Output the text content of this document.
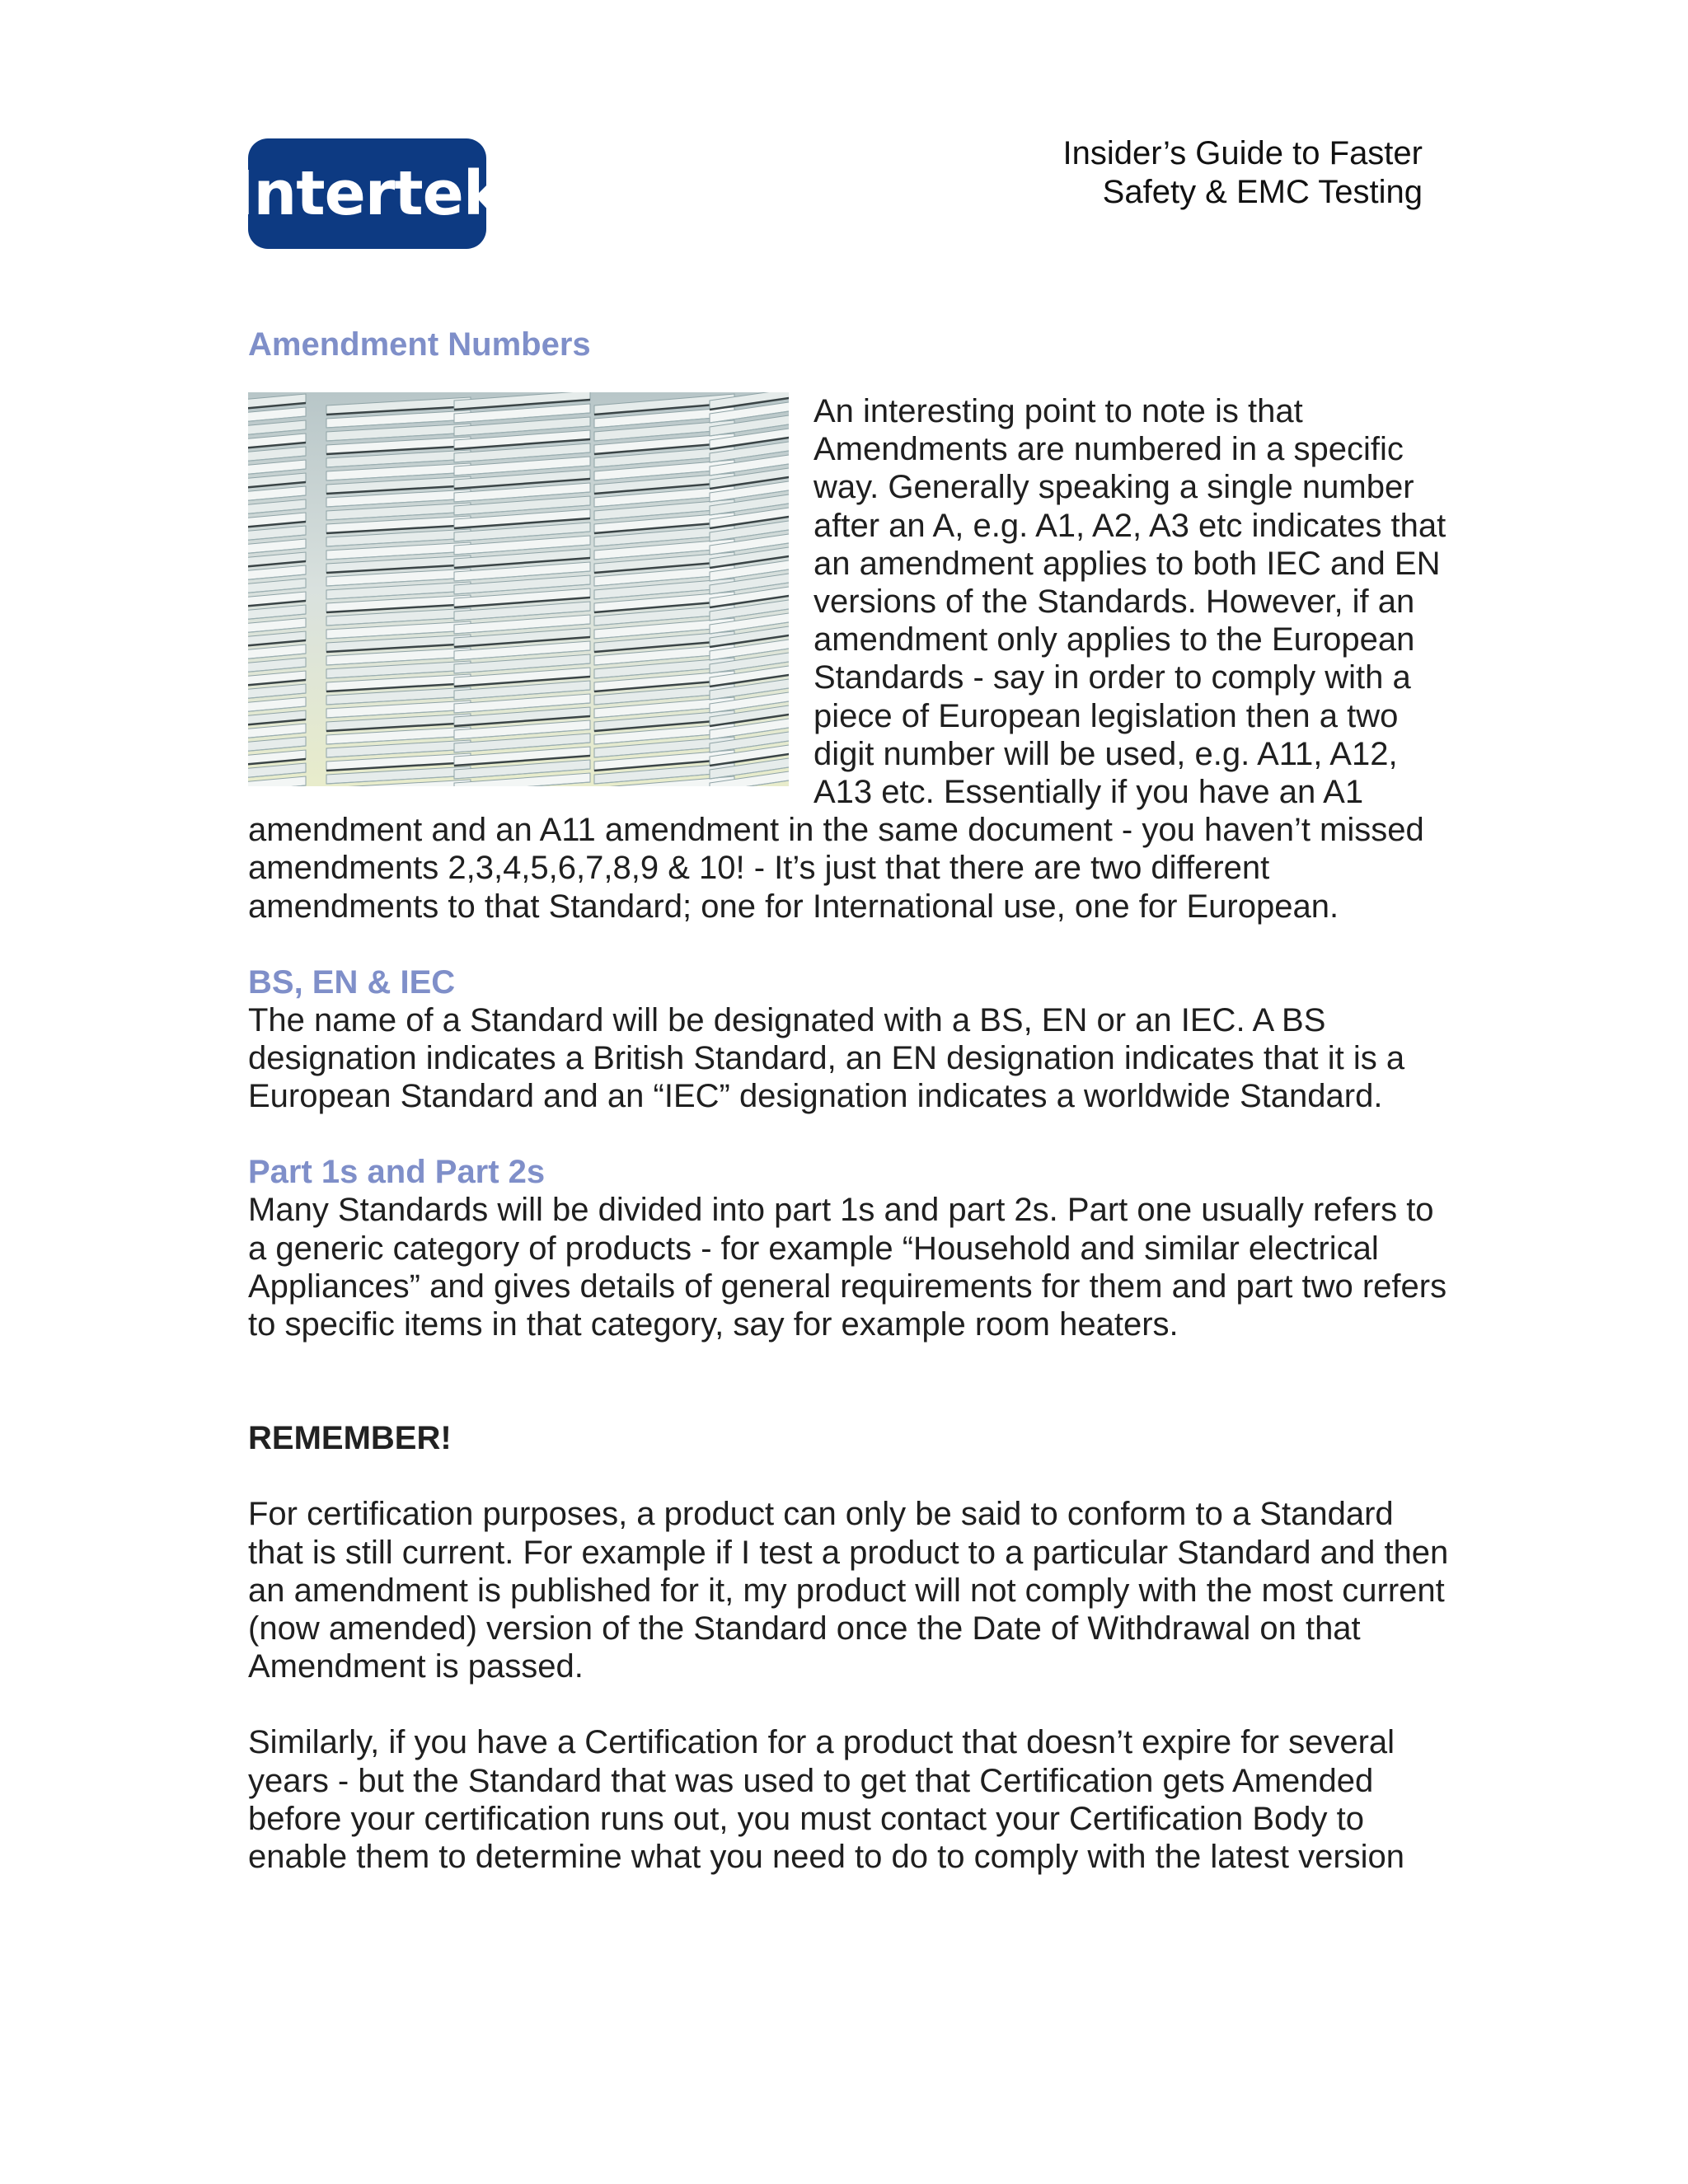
Intertek
Insider’s Guide to Faster
Safety & EMC Testing
Amendment Numbers

An interesting point to note is that Amendments are numbered in a specific way. Generally speaking a single number after an A, e.g. A1, A2, A3 etc indicates that an amendment applies to both IEC and EN versions of the Standards. However, if an amendment only applies to the European Standards - say in order to comply with a piece of European legislation then a two digit number will be used, e.g. A11, A12, A13 etc. Essentially if you have an A1 amendment and an A11 amendment in the same document - you haven’t missed amendments 2,3,4,5,6,7,8,9 & 10! - It’s just that there are two different amendments to that Standard; one for International use, one for European.

BS, EN & IEC

The name of a Standard will be designated with a BS, EN or an IEC. A BS designation indicates a British Standard, an EN designation indicates that it is a European Standard and an “IEC” designation indicates a worldwide Standard.

Part 1s and Part 2s

Many Standards will be divided into part 1s and part 2s. Part one usually refers to a generic category of products - for example “Household and similar electrical Appliances” and gives details of general requirements for them and part two refers to specific items in that category, say for example room heaters.

REMEMBER!

For certification purposes, a product can only be said to conform to a Standard that is still current. For example if I test a product to a particular Standard and then an amendment is published for it, my product will not comply with the most current (now amended) version of the Standard once the Date of Withdrawal on that Amendment is passed.

Similarly, if you have a Certification for a product that doesn’t expire for several years - but the Standard that was used to get that Certification gets Amended before your certification runs out, you must contact your Certification Body to enable them to determine what you need to do to comply with the latest version
